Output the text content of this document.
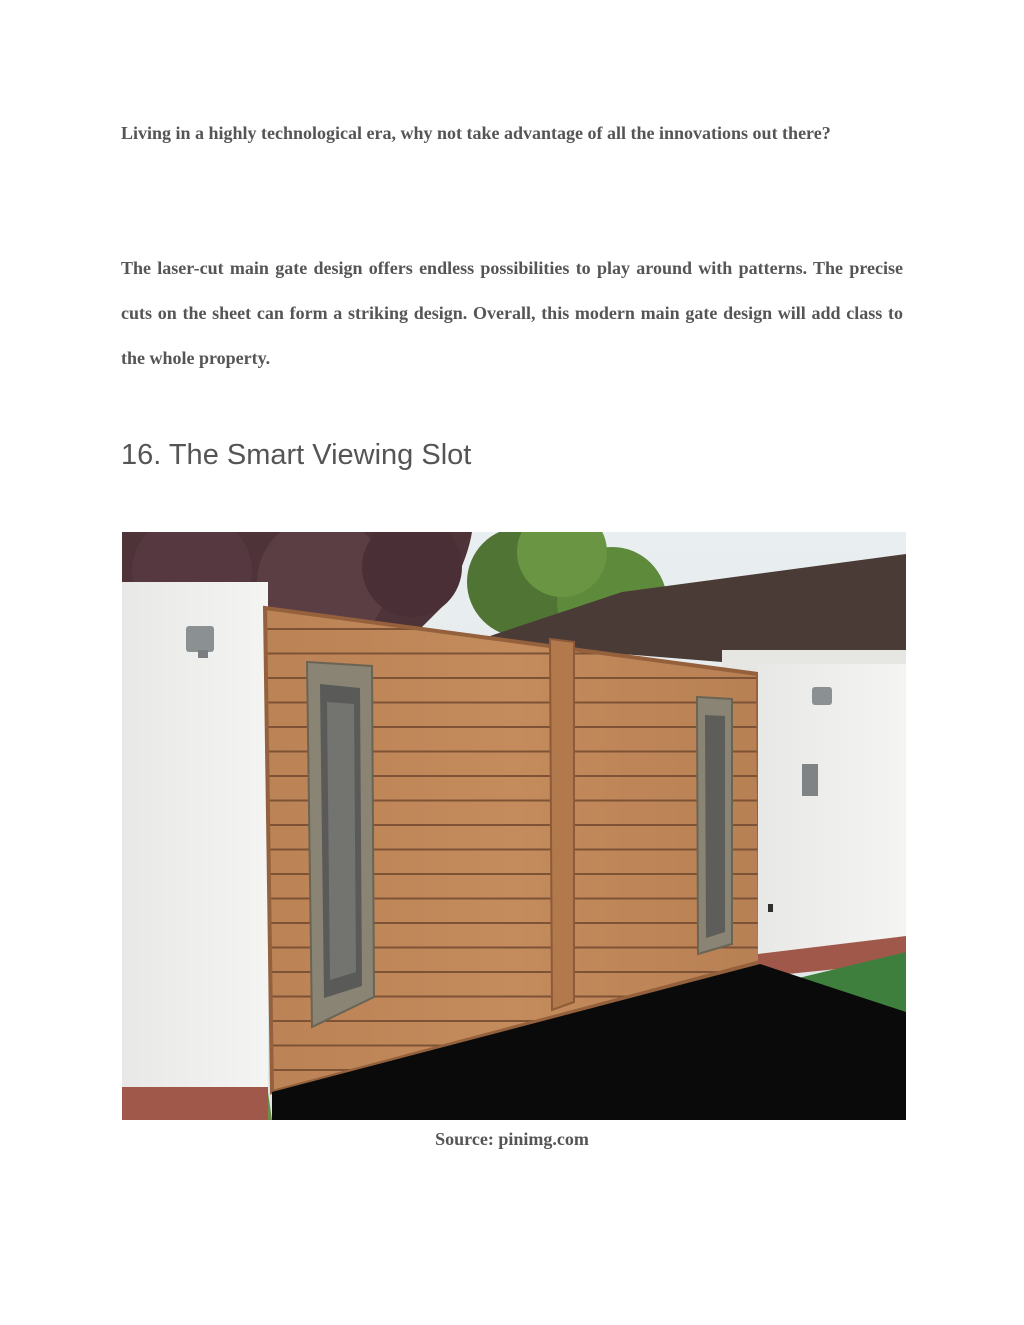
Living in a highly technological era, why not take advantage of all the innovations out there?

The laser-cut main gate design offers endless possibilities to play around with patterns. The precise cuts on the sheet can form a striking design. Overall, this modern main gate design will add class to the whole property.

16. The Smart Viewing Slot
Source: pinimg.com
